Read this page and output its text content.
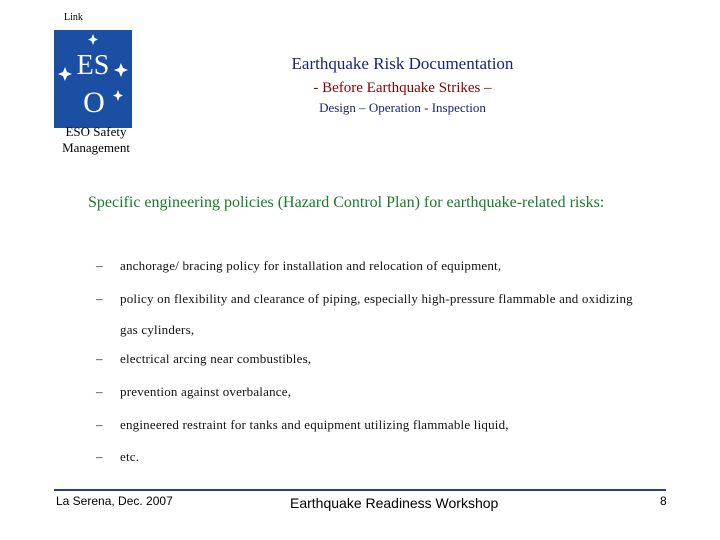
Link
ES
O
ESO Safety Management
Earthquake Risk Documentation
- Before Earthquake Strikes –
Design – Operation - Inspection
Specific engineering policies (Hazard Control Plan) for earthquake-related risks:
–	anchorage/ bracing policy for installation and relocation of equipment,
–	policy on flexibility and clearance of piping, especially high-pressure flammable and oxidizing gas cylinders,
–	electrical arcing near combustibles,
–	prevention against overbalance,
–	engineered restraint for tanks and equipment utilizing flammable liquid,
–	etc.
La Serena, Dec. 2007	Earthquake Readiness Workshop	8
